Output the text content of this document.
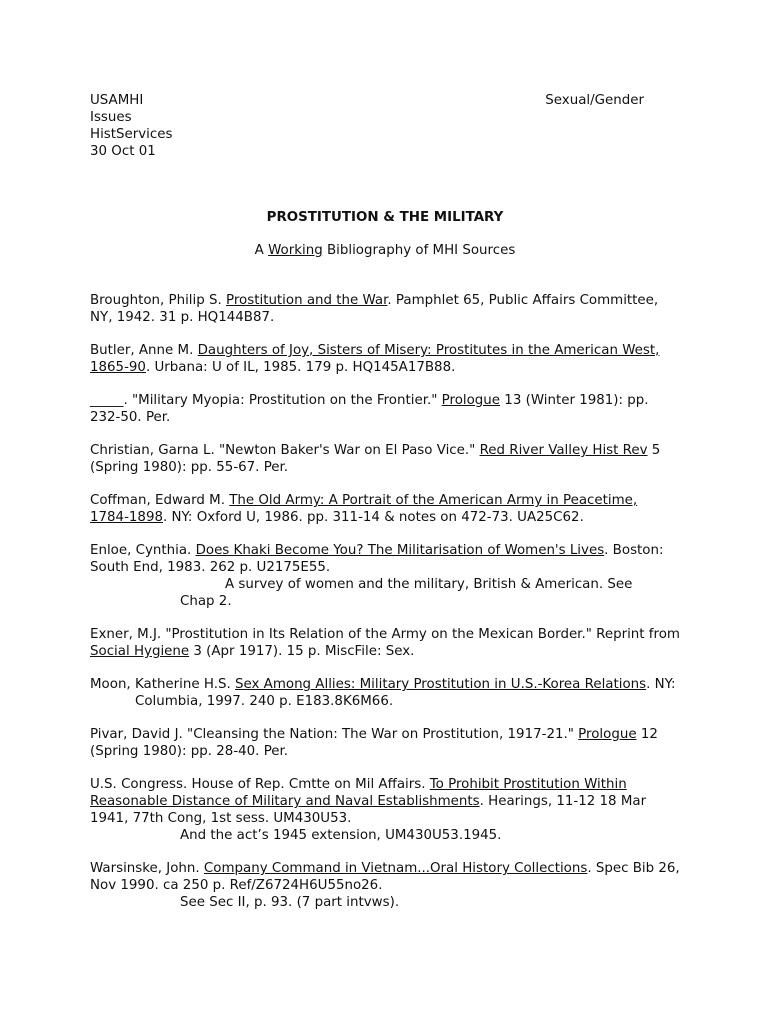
USAMHI
Issues
HistServices
30 Oct 01
Sexual/Gender
PROSTITUTION & THE MILITARY
A Working Bibliography of MHI Sources

Broughton, Philip S. Prostitution and the War. Pamphlet 65, Public Affairs Committee, NY, 1942. 31 p. HQ144B87.

Butler, Anne M. Daughters of Joy, Sisters of Misery: Prostitutes in the American West, 1865-90. Urbana: U of IL, 1985. 179 p. HQ145A17B88.

_____. "Military Myopia: Prostitution on the Frontier." Prologue 13 (Winter 1981): pp. 232-50. Per.

Christian, Garna L. "Newton Baker's War on El Paso Vice." Red River Valley Hist Rev 5 (Spring 1980): pp. 55-67. Per.

Coffman, Edward M. The Old Army: A Portrait of the American Army in Peacetime, 1784-1898. NY: Oxford U, 1986. pp. 311-14 & notes on 472-73. UA25C62.

Enloe, Cynthia. Does Khaki Become You? The Militarisation of Women's Lives. Boston: South End, 1983. 262 p. U2175E55.

A survey of women and the military, British & American. See

Chap 2.

Exner, M.J. "Prostitution in Its Relation of the Army on the Mexican Border." Reprint from Social Hygiene 3 (Apr 1917). 15 p. MiscFile: Sex.

Moon, Katherine H.S. Sex Among Allies: Military Prostitution in U.S.-Korea Relations. NY:

Columbia, 1997. 240 p. E183.8K6M66.

Pivar, David J. "Cleansing the Nation: The War on Prostitution, 1917-21." Prologue 12 (Spring 1980): pp. 28-40. Per.

U.S. Congress. House of Rep. Cmtte on Mil Affairs. To Prohibit Prostitution Within Reasonable Distance of Military and Naval Establishments. Hearings, 11-12 18 Mar 1941, 77th Cong, 1st sess. UM430U53.

And the act’s 1945 extension, UM430U53.1945.

Warsinske, John. Company Command in Vietnam...Oral History Collections. Spec Bib 26, Nov 1990. ca 250 p. Ref/Z6724H6U55no26.

See Sec II, p. 93. (7 part intvws).
